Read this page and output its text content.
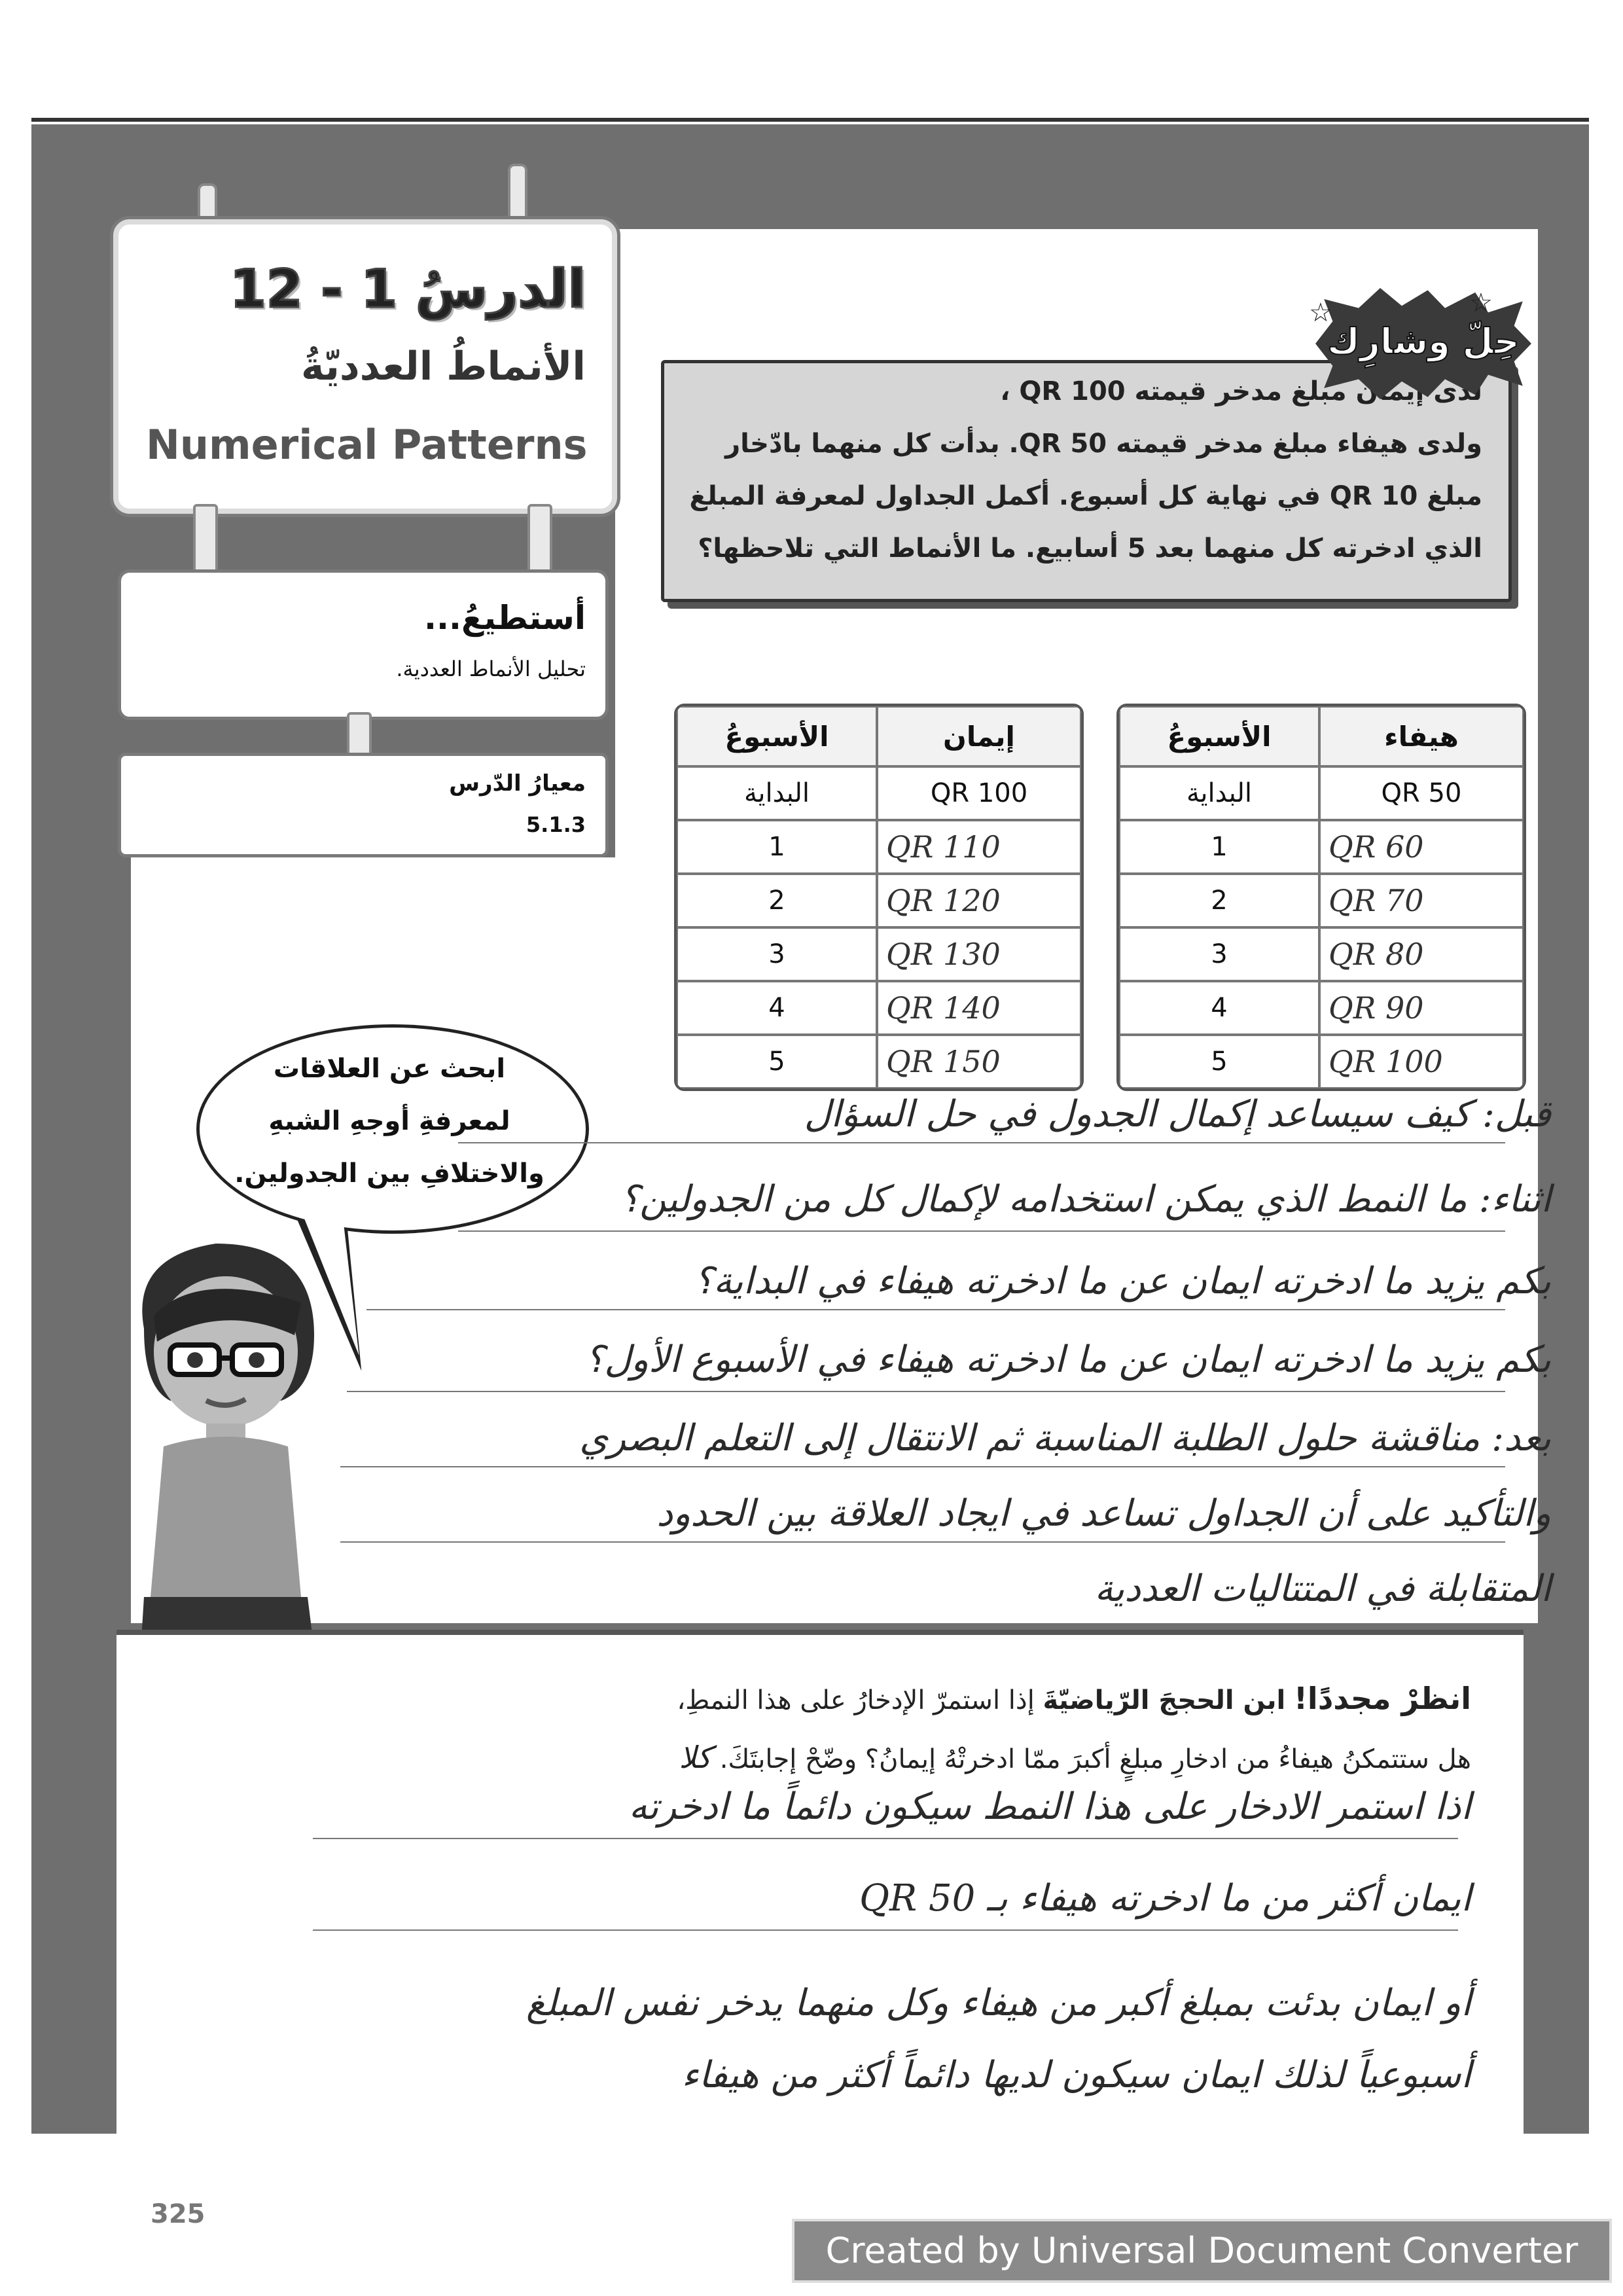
الدرسُ 1 - 12
الأنماطُ العدديّةُ
Numerical Patterns
أستطيعُ...
تحليل الأنماط العددية.
معيارُ الدّرس
5.1.3
لدى إيمان مبلغ مدخر قيمته QR 100 ،
ولدى هيفاء مبلغ مدخر قيمته QR 50. بدأت كل منهما بادّخار
مبلغ QR 10 في نهاية كل أسبوع. أكمل الجداول لمعرفة المبلغ
الذي ادخرته كل منهما بعد 5 أسابيع. ما الأنماط التي تلاحظها؟
حِلّ وشارِك
☆	☆
إيمان	الأسبوعُ
QR 100	البداية
QR 110	1
QR 120	2
QR 130	3
QR 140	4
QR 150	5
هيفاء	الأسبوعُ
QR 50	البداية
QR 60	1
QR 70	2
QR 80	3
QR 90	4
QR 100	5
ابحث عن العلاقات
لمعرفةِ أوجهِ الشبهِ
والاختلافِ بين الجدولين.
قبل: كيف سيساعد إكمال الجدول في حل السؤال
اثناء: ما النمط الذي يمكن استخدامه لإكمال كل من الجدولين؟
بكم يزيد ما ادخرته ايمان عن ما ادخرته هيفاء في البداية؟
بكم يزيد ما ادخرته ايمان عن ما ادخرته هيفاء في الأسبوع الأول؟
بعد: مناقشة حلول الطلبة المناسبة ثم الانتقال إلى التعلم البصري
والتأكيد على أن الجداول تساعد في ايجاد العلاقة بين الحدود
المتقابلة في المتتاليات العددية
انظرْ مجددًا! ابن الحججَ الرّياضيّةَ إذا استمرّ الإدخارُ على هذا النمطِ،
هل ستتمكنُ هيفاءُ من ادخارِ مبلغٍ أكبرَ ممّا ادخرتْهُ إيمانُ؟ وضّحْ إجابتَكَ. كلا
اذا استمر الادخار على هذا النمط سيكون دائماً ما ادخرته
ايمان أكثر من ما ادخرته هيفاء بـ QR 50
أو ايمان بدئت بمبلغ أكبر من هيفاء وكل منهما يدخر نفس المبلغ
أسبوعياً لذلك ايمان سيكون لديها دائماً أكثر من هيفاء
325
Created by Universal Document Converter
